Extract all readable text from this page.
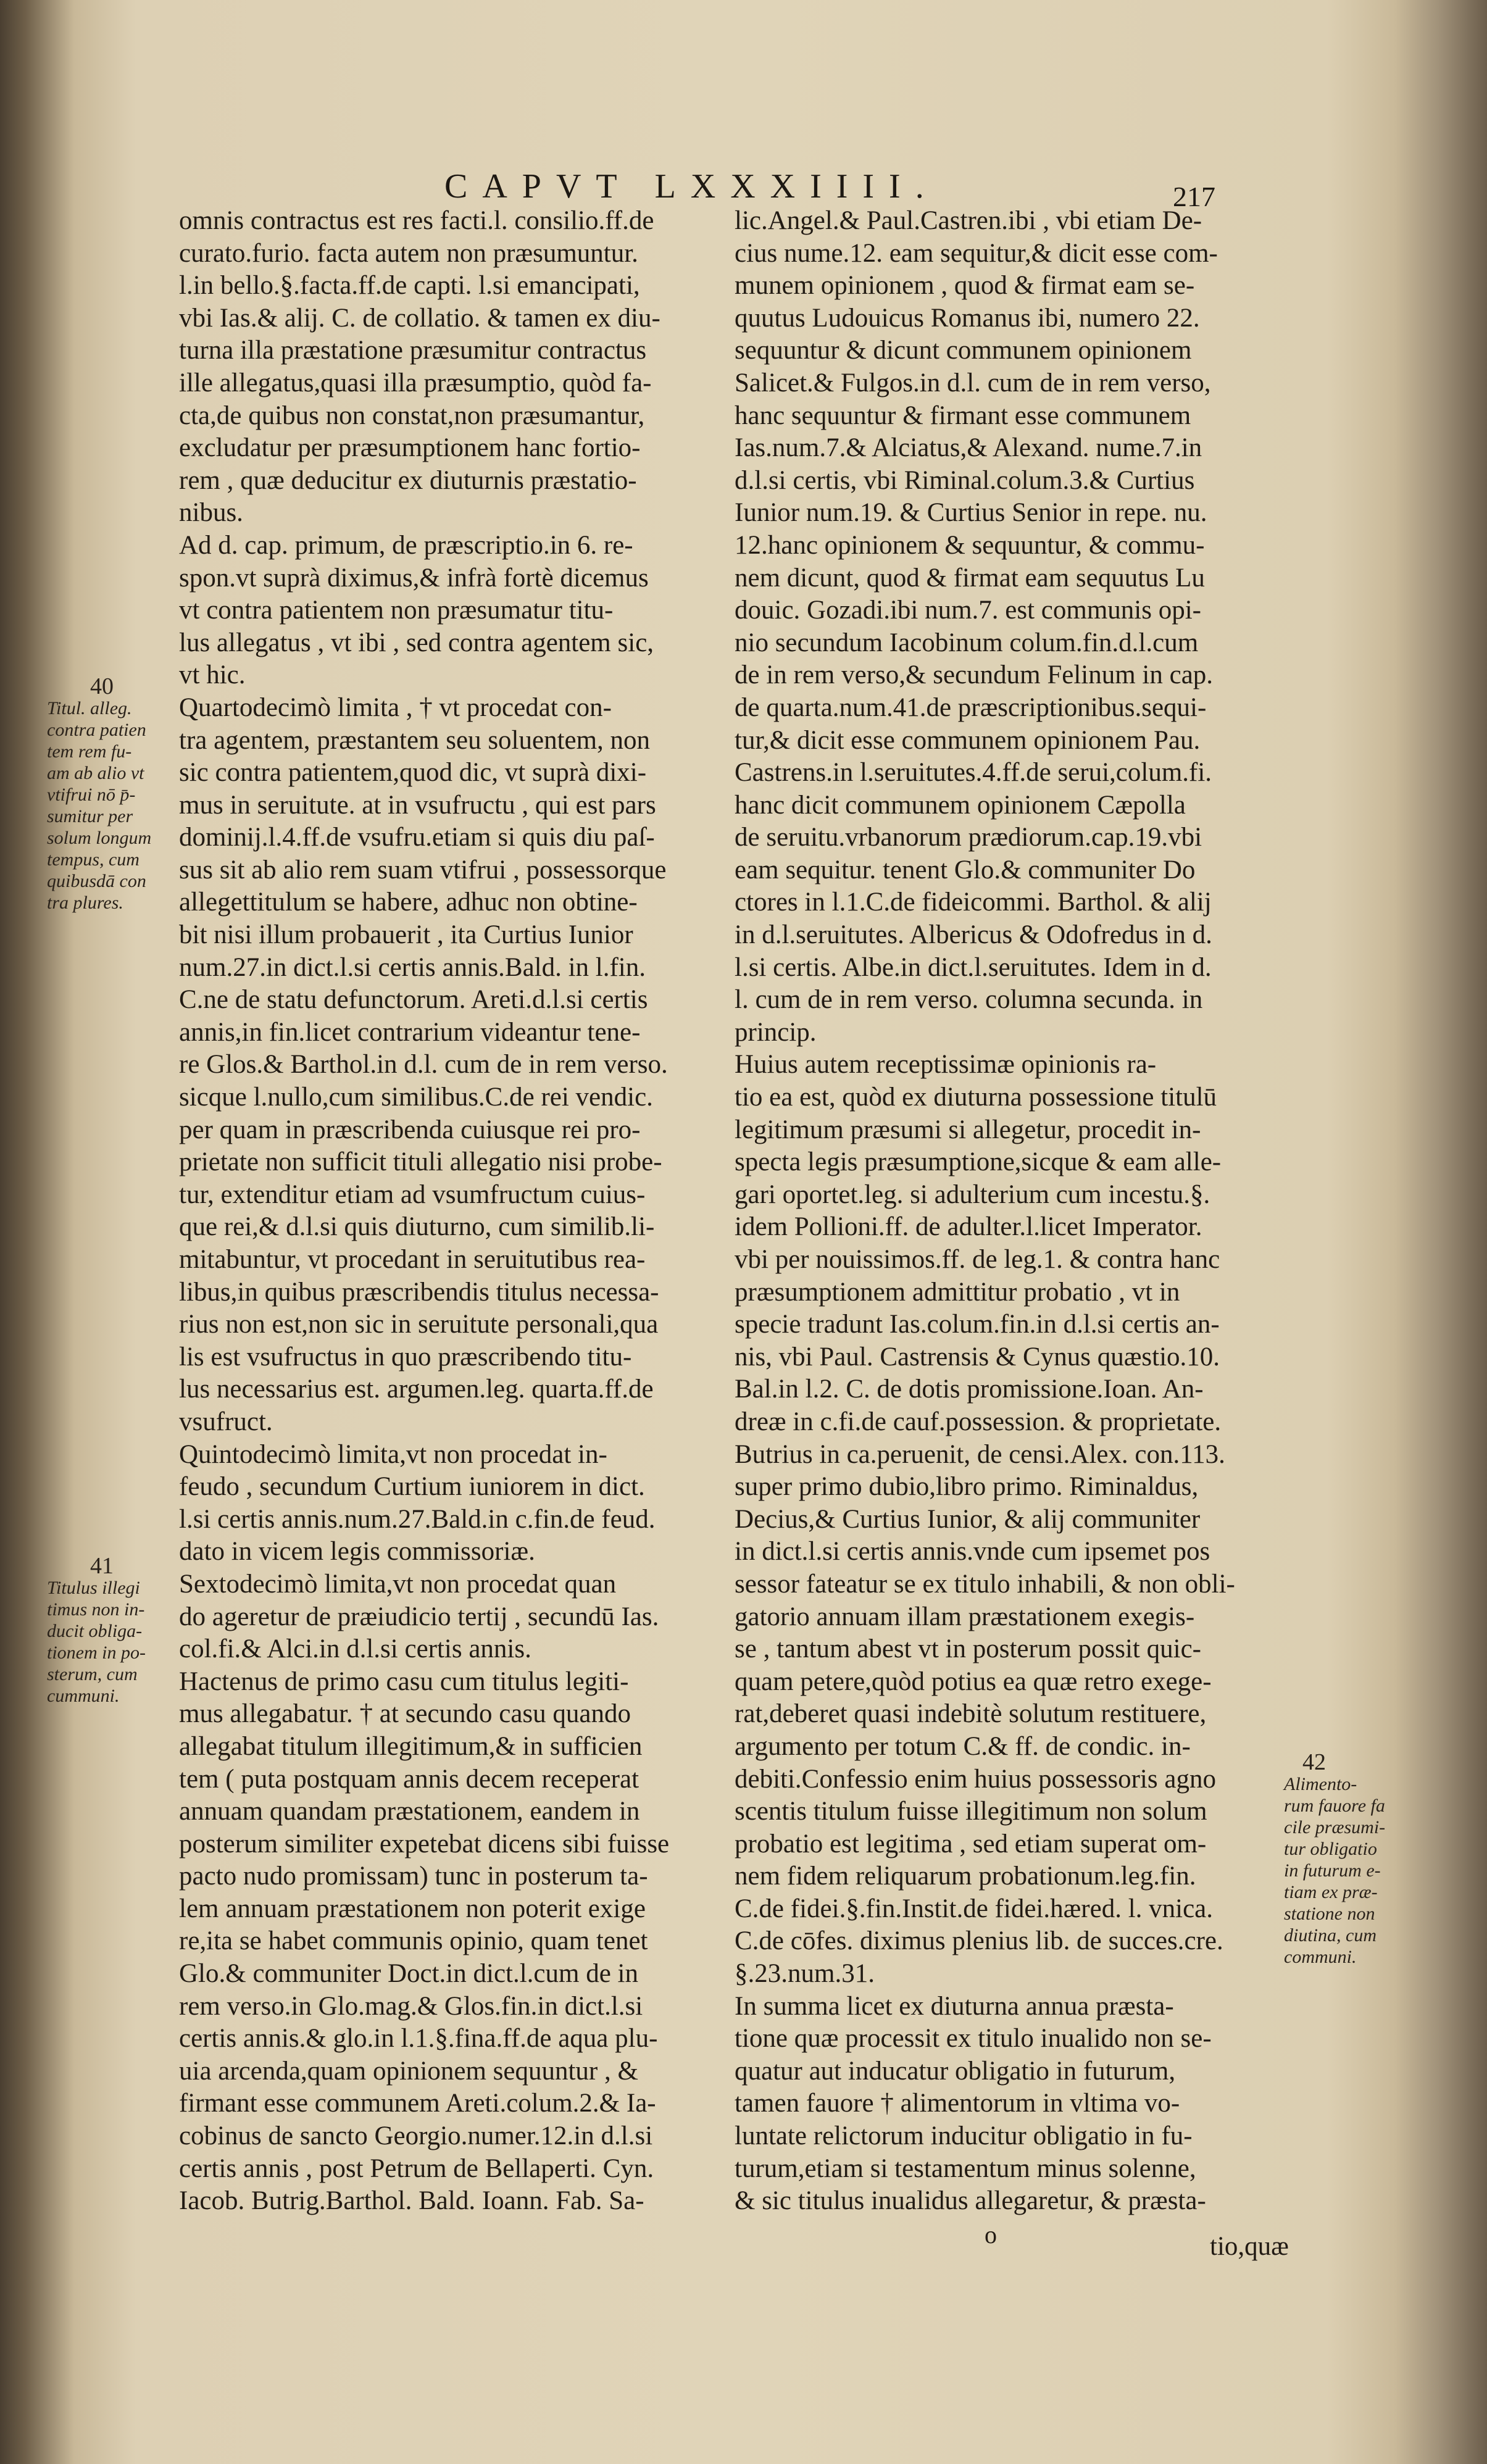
CAPVT LXXXIIII.	217
omnis contractus est res facti.l. consilio.ff.de
curato.furio. facta autem non præsumuntur.
l.in bello.§.facta.ff.de capti. l.si emancipati,
vbi Ias.& alij. C. de collatio. & tamen ex diu-
turna illa præstatione præsumitur contractus
ille allegatus,quasi illa præsumptio, quòd fa-
cta,de quibus non constat,non præsumantur,
excludatur per præsumptionem hanc fortio-
rem , quæ deducitur ex diuturnis præstatio-
nibus.
Ad d. cap. primum, de præscriptio.in 6. re-
spon.vt suprà diximus,& infrà fortè dicemus
vt contra patientem non præsumatur titu-
lus allegatus , vt ibi , sed contra agentem sic,
vt hic.
Quartodecimò limita , † vt procedat con-
tra agentem, præstantem seu soluentem, non
sic contra patientem,quod dic, vt suprà dixi-
mus in seruitute. at in vsufructu , qui est pars
dominij.l.4.ff.de vsufru.etiam si quis diu paſ-
sus sit ab alio rem suam vtifrui , possessorque
allegettitulum se habere, adhuc non obtine-
bit nisi illum probauerit , ita Curtius Iunior
num.27.in dict.l.si certis annis.Bald. in l.fin.
C.ne de statu defunctorum. Areti.d.l.si certis
annis,in fin.licet contrarium videantur tene-
re Glos.& Barthol.in d.l. cum de in rem verso.
sicque l.nullo,cum similibus.C.de rei vendic.
per quam in præscribenda cuiusque rei pro-
prietate non sufficit tituli allegatio nisi probe-
tur, extenditur etiam ad vsumfructum cuius-
que rei,& d.l.si quis diuturno, cum similib.li-
mitabuntur, vt procedant in seruitutibus rea-
libus,in quibus præscribendis titulus necessa-
rius non est,non sic in seruitute personali,qua
lis est vsufructus in quo præscribendo titu-
lus necessarius est. argumen.leg. quarta.ff.de
vsufruct.
Quintodecimò limita,vt non procedat in-
feudo , secundum Curtium iuniorem in dict.
l.si certis annis.num.27.Bald.in c.fin.de feud.
dato in vicem legis commissoriæ.
Sextodecimò limita,vt non procedat quan
do ageretur de præiudicio tertij , secundū Ias.
col.fi.& Alci.in d.l.si certis annis.
Hactenus de primo casu cum titulus legiti-
mus allegabatur. † at secundo casu quando
allegabat titulum illegitimum,& in sufficien
tem ( puta postquam annis decem receperat
annuam quandam præstationem, eandem in
posterum similiter expetebat dicens sibi fuisse
pacto nudo promissam) tunc in posterum ta-
lem annuam præstationem non poterit exige
re,ita se habet communis opinio, quam tenet
Glo.& communiter Doct.in dict.l.cum de in
rem verso.in Glo.mag.& Glos.fin.in dict.l.si
certis annis.& glo.in l.1.§.fina.ff.de aqua plu-
uia arcenda,quam opinionem sequuntur , &
firmant esse communem Areti.colum.2.& Ia-
cobinus de sancto Georgio.numer.12.in d.l.si
certis annis , post Petrum de Bellaperti. Cyn.
Iacob. Butrig.Barthol. Bald. Ioann. Fab. Sa-
lic.Angel.& Paul.Castren.ibi , vbi etiam De-
cius nume.12. eam sequitur,& dicit esse com-
munem opinionem , quod & firmat eam se-
quutus Ludouicus Romanus ibi, numero 22.
sequuntur & dicunt communem opinionem
Salicet.& Fulgos.in d.l. cum de in rem verso,
hanc sequuntur & firmant esse communem
Ias.num.7.& Alciatus,& Alexand. nume.7.in
d.l.si certis, vbi Riminal.colum.3.& Curtius
Iunior num.19. & Curtius Senior in repe. nu.
12.hanc opinionem & sequuntur, & commu-
nem dicunt, quod & firmat eam sequutus Lu
douic. Gozadi.ibi num.7. est communis opi-
nio secundum Iacobinum colum.fin.d.l.cum
de in rem verso,& secundum Felinum in cap.
de quarta.num.41.de præscriptionibus.sequi-
tur,& dicit esse communem opinionem Pau.
Castrens.in l.seruitutes.4.ff.de serui,colum.fi.
hanc dicit communem opinionem Cæpolla
de seruitu.vrbanorum prædiorum.cap.19.vbi
eam sequitur. tenent Glo.& communiter Do
ctores in l.1.C.de fideicommi. Barthol. & alij
in d.l.seruitutes. Albericus & Odofredus in d.
l.si certis. Albe.in dict.l.seruitutes. Idem in d.
l. cum de in rem verso. columna secunda. in
princip.
Huius autem receptissimæ opinionis ra-
tio ea est, quòd ex diuturna possessione titulū
legitimum præsumi si allegetur, procedit in-
specta legis præsumptione,sicque & eam alle-
gari oportet.leg. si adulterium cum incestu.§.
idem Pollioni.ff. de adulter.l.licet Imperator.
vbi per nouissimos.ff. de leg.1. & contra hanc
præsumptionem admittitur probatio , vt in
specie tradunt Ias.colum.fin.in d.l.si certis an-
nis, vbi Paul. Castrensis & Cynus quæstio.10.
Bal.in l.2. C. de dotis promissione.Ioan. An-
dreæ in c.fi.de cauf.possession. & proprietate.
Butrius in ca.peruenit, de censi.Alex. con.113.
super primo dubio,libro primo. Riminaldus,
Decius,& Curtius Iunior, & alij communiter
in dict.l.si certis annis.vnde cum ipsemet pos
sessor fateatur se ex titulo inhabili, & non obli-
gatorio annuam illam præstationem exegis-
se , tantum abest vt in posterum possit quic-
quam petere,quòd potius ea quæ retro exege-
rat,deberet quasi indebitè solutum restituere,
argumento per totum C.& ff. de condic. in-
debiti.Confessio enim huius possessoris agno
scentis titulum fuisse illegitimum non solum
probatio est legitima , sed etiam superat om-
nem fidem reliquarum probationum.leg.fin.
C.de fidei.§.fin.Instit.de fidei.hæred. l. vnica.
C.de cōfes. diximus plenius lib. de succes.cre.
§.23.num.31.
In summa licet ex diuturna annua præsta-
tione quæ processit ex titulo inualido non se-
quatur aut inducatur obligatio in futurum,
tamen fauore † alimentorum in vltima vo-
luntate relictorum inducitur obligatio in fu-
turum,etiam si testamentum minus solenne,
& sic titulus inualidus allegaretur, & præsta-
40
Titul. alleg.
contra patien
tem rem fu-
am ab alio vt
vtifrui nō p̄-
sumitur per
solum longum
tempus, cum
quibusdā con
tra plures.
41
Titulus illegi
timus non in-
ducit obliga-
tionem in po-
sterum, cum
cummuni.
42
Alimento-
rum fauore fa
cile præsumi-
tur obligatio
in futurum e-
tiam ex præ-
statione non
diutina, cum
communi.
o	tio,quæ
